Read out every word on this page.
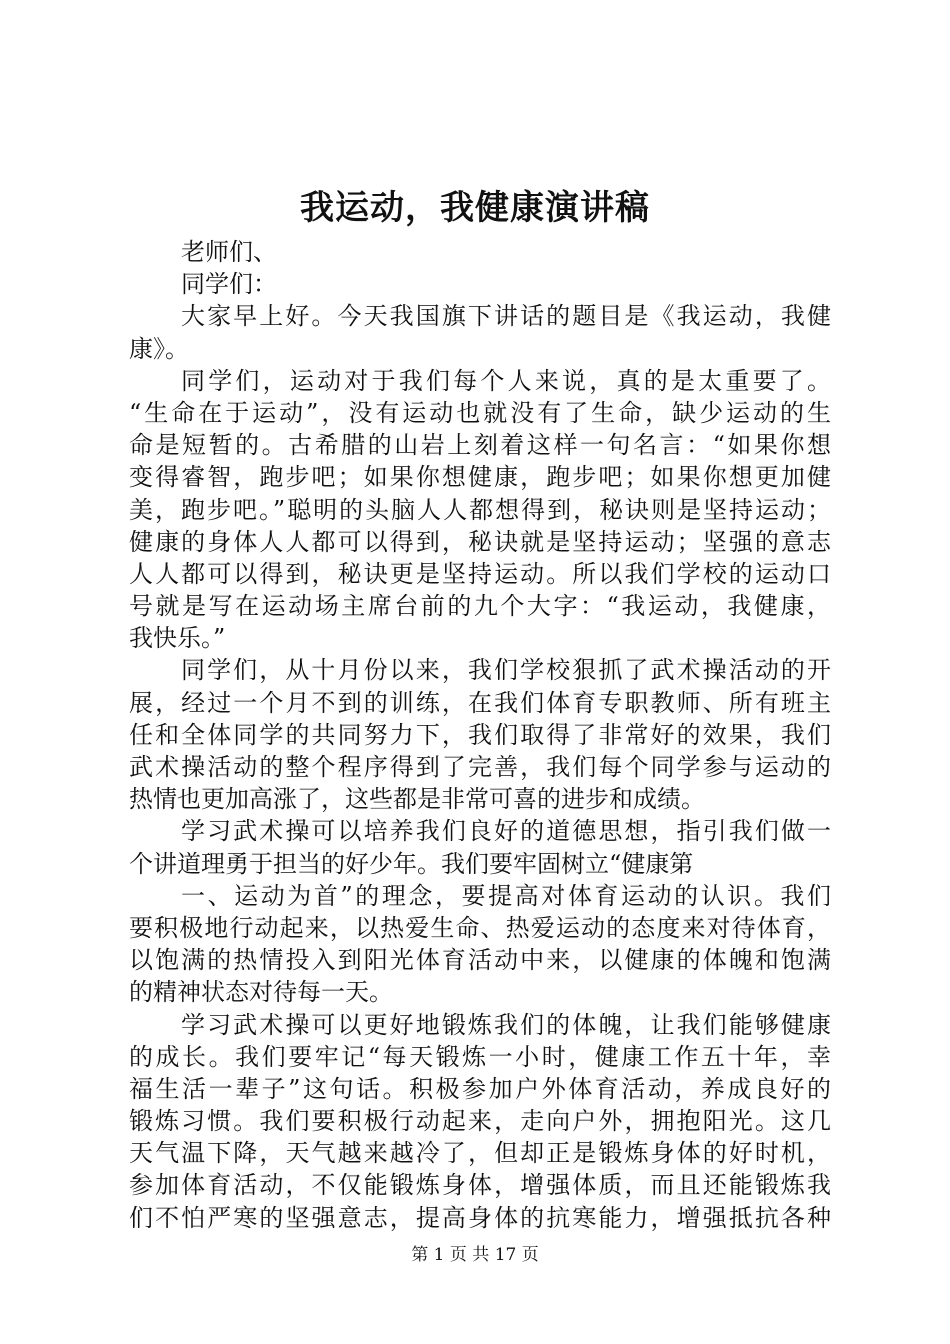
我运动，我健康演讲稿
老师们、
同学们：
大家早上好。今天我国旗下讲话的题目是《我运动，我健
康》。
同学们，运动对于我们每个人来说，真的是太重要了。
“生命在于运动”，没有运动也就没有了生命，缺少运动的生
命是短暂的。古希腊的山岩上刻着这样一句名言：“如果你想
变得睿智，跑步吧；如果你想健康，跑步吧；如果你想更加健
美，跑步吧。”聪明的头脑人人都想得到，秘诀则是坚持运动；
健康的身体人人都可以得到，秘诀就是坚持运动；坚强的意志
人人都可以得到，秘诀更是坚持运动。所以我们学校的运动口
号就是写在运动场主席台前的九个大字：“我运动，我健康，
我快乐。”
同学们，从十月份以来，我们学校狠抓了武术操活动的开
展，经过一个月不到的训练，在我们体育专职教师、所有班主
任和全体同学的共同努力下，我们取得了非常好的效果，我们
武术操活动的整个程序得到了完善，我们每个同学参与运动的
热情也更加高涨了，这些都是非常可喜的进步和成绩。
学习武术操可以培养我们良好的道德思想，指引我们做一
个讲道理勇于担当的好少年。我们要牢固树立“健康第
一、运动为首”的理念，要提高对体育运动的认识。我们
要积极地行动起来，以热爱生命、热爱运动的态度来对待体育，
以饱满的热情投入到阳光体育活动中来，以健康的体魄和饱满
的精神状态对待每一天。
学习武术操可以更好地锻炼我们的体魄，让我们能够健康
的成长。我们要牢记“每天锻炼一小时，健康工作五十年，幸
福生活一辈子”这句话。积极参加户外体育活动，养成良好的
锻炼习惯。我们要积极行动起来，走向户外，拥抱阳光。这几
天气温下降，天气越来越冷了，但却正是锻炼身体的好时机，
参加体育活动，不仅能锻炼身体，增强体质，而且还能锻炼我
们不怕严寒的坚强意志，提高身体的抗寒能力，增强抵抗各种
第 1 页 共 17 页
